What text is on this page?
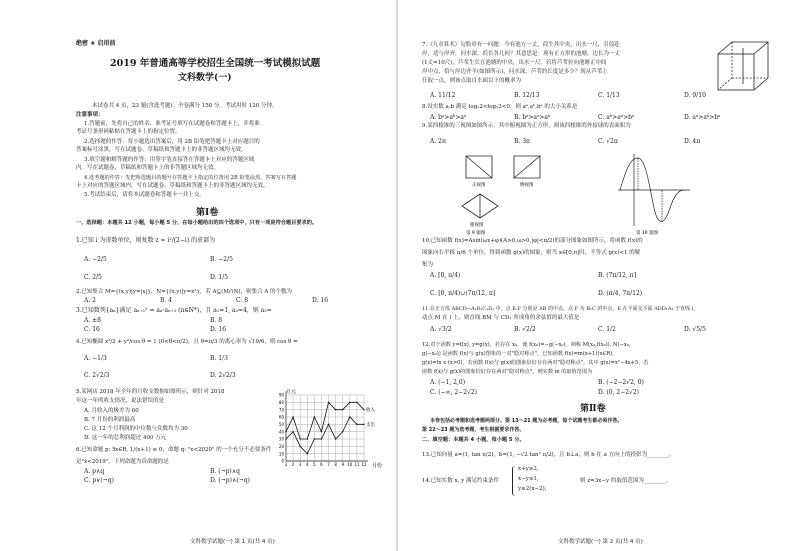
绝密 ★ 启用前
2019 年普通高等学校招生全国统一考试模拟试题
文科数学(一)
本试卷共 4 页，23 题(含选考题)。全卷满分 150 分。考试用时 120 分钟。
注意事项：
1.答题前，先将自己的姓名、准考证号填写在试题卷和答题卡上，并将准
考证号条形码粘贴在答题卡上的指定位置。
2.选择题的作答：每小题选出答案后，用 2B 铅笔把答题卡上对应题目的
答案标号涂黑。写在试题卷、草稿纸和答题卡上的非答题区域均无效。
3.填空题和解答题的作答：用签字笔直接答在答题卡上对应的答题区域
内。写在试题卷、草稿纸和答题卡上的非答题区域均无效。
4.选考题的作答：先把所选题目的题号在答题卡上指定的位置用 2B 铅笔涂黑。答案写在答题
卡上对应的答题区域内，写在试题卷、草稿纸和答题卡上的非答题区域均无效。
5.考试结束后，请将本试题卷和答题卡一并上交。
第Ⅰ卷
一、选择题：本题共 12 小题，每小题 5 分，在每小题给出的四个选项中，只有一项是符合题目要求的。
1.已知 i 为虚数单位，则复数 z = i²/(2−i) 的虚部为
A. −2/5	B. −2/5
C. 2/5	D. 1/5
2.已知集合 M={(x,y)|y=|x|}，N={(x,y)|y=x²}，若 A⊆(M∩N)，则集合 A 的个数为
A. 2	B. 4	C. 8	D. 16
3.已知数列{aₙ}满足 aₙ₊₁² = aₙ·aₙ₊₂ (n∈N*)，且 a₁=1, a₃=4，则 a₅=
A. ±8	B. 8
C. 16	D. 16
4.已知椭圆 x²/2 + y²/cos θ = 1 (0<θ<π/2)，且 θ=π/3 的离心率为 √19/6，则 cos θ =
A. −1/3	B. 1/3
C. 2√2/3	D. 2√2/3
5.某网店 2018 年全年的月收支数据如图所示，则针对 2018
年这一年的收支情况，说法错误的是
A. 月收入的极差为 60
B. 7 月份的利润最高
C. 这 12 个月利润的中位数与众数均为 30
D. 这一年的总利润超过 400 万元
万元
月份
0
10
20
30
40
50
60
70
80
90
1 2 3 4 5 6 7 8 9 10 11 12
收入
支出
6.已知命题 p: ∃x∈R, 1/(x+1) ≤ 0；命题 q: "x<2020" 的一个充分不必要条件
是"x<2019"，下列命题为真命题的是
A. p∧q	B. (¬p)∧q
C. p∨(¬q)	D. (¬p)∧(¬q)
文科数学试题(一) 第 1 页(共 4 页)
7.《九章算术》勾股章有一问题：今有池方一丈，葭生其中央，出水一尺，引葭赴
岸，适与岸齐，问水深、葭长各几何？其意思是：现有正方形的池塘，边长为一丈
(1丈=10尺)，芦苇生长在池塘的中央，出水一尺，若将芦苇拉向池塘正中间
岸中点，恰与岸边齐平(如图所示)，问水深、芦苇的长度是多少？现从芦苇上
任取一点，则该点取自水面以下的概率为
A. 11/12	B. 12/13	C. 1/13	D. 9/10
8.设实数 a,b 满足 log₂2<log₂2<0，则 aᵃ,aᵇ,bᵃ 的大小关系是
A. bᵃ>aᵇ>aᵃ	B. bᵃ>aᵃ>aᵇ	C. aᵇ>aᵃ>bᵃ	D. aᵃ>aᵇ>bᵃ
9.某四棱锥的三视图如图所示，其中俯视图为正方形，则该四棱锥的外接球的表面积为
A. 2π	B. 3π	C. √2π	D. 4π
正视图	侧视图
俯视图
第 9 题图	第 10 题图
10.已知函数 f(x)=Asin(ωx+φ)(A>0,ω>0,|φ|<π/2)的部分图象如图所示，将函数 f(x)的
图象向右平移 π/6 个单位，得到函数 g(x)的图象，则当 x∈[0,π]时，不等式 g(x)<1 的解
集为
A. [0, π/4)	B. (7π/12, π]
C. [0, π/4)∪(7π/12, π]	D. (π/4, 7π/12)
11.在正方体 ABCD−A₁B₁C₁D₁ 中，点 E,F 分别是 AB 的中点，点 F 为 B₁C 的中点，E 在平面交平面 ADD₁A₁ 于直线 l，
动点 M 在 l 上，则直线 BM 与 CD₁ 所成角的余弦值的最大值是
A. √3/2	B. √2/2	C. 1/2	D. √5/5
12.对于函数 y=f(x), y=g(x)，若存在 x₀，使 f(x₀)=−g(−x₀)，则称 M(x₀,f(x₀)), N(−x₀,
g(−x₀)) 是函数 f(x)与 g(x)图象的一对"隐对称点"。已知函数 f(x)=m(x+1)(x∈R)，
g(x)=ln x (x>0)，若函数 f(x)与 g(x)的图象恰好存在两对"隐对称点"，其中 g(x)=x²−4x+5，若
函数 f(x)与 g(x)的图象恰好存在两对"隐对称点"，则实数 m 的取值范围为
A. (−1, 2,0)	B. (−2−2√2, 0)
C. (−∞, 2−2√2)	D. (0, 2−2√2)
第Ⅱ卷
本卷包括必考题和选考题两部分。第 13～21 题为必考题，每个试题考生都必须作答。
第 22～23 题为选考题，考生根据要求作答。
二、填空题：本题共 4 小题，每小题 5 分。
13.已知向量 a=(1, tan π/2)，b=(1, −√2 tan² π/2)，且 b⊥a，则 b 在 a 方向上的投影为________。
14.已知实数 x, y 满足约束条件
x+y≥2,
x−y≤1,
y≥2(x−2),
则 z=3x−y 的取值范围为________。
文科数学试题(一) 第 2 页(共 4 页)
